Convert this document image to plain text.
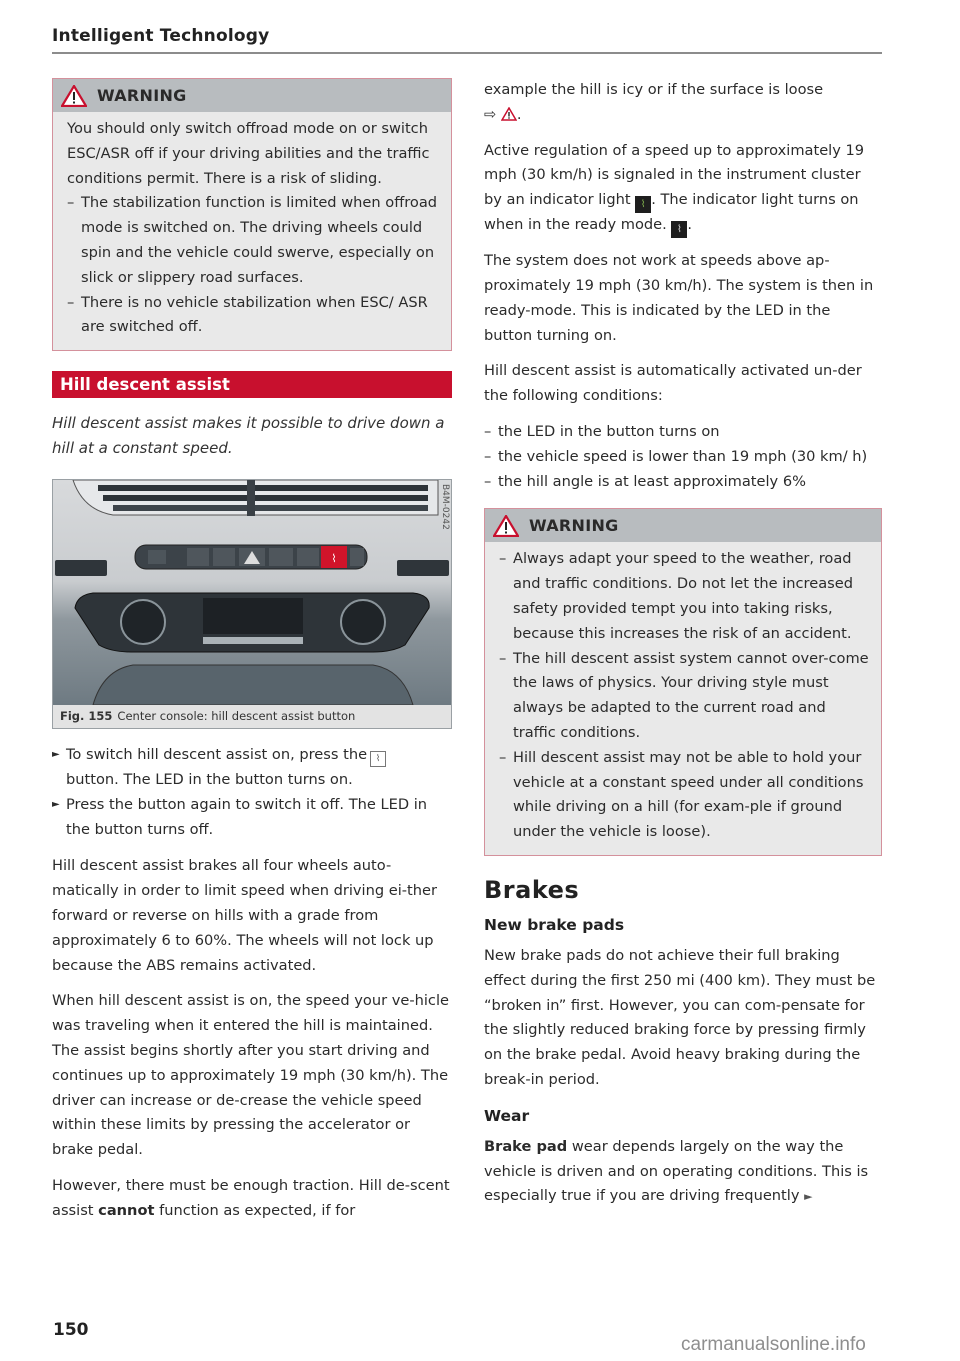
Intelligent Technology
WARNING

You should only switch offroad mode on or switch ESC/ASR off if your driving abilities and the traffic conditions permit. There is a risk of sliding.

– The stabilization function is limited when offroad mode is switched on. The driving wheels could spin and the vehicle could swerve, especially on slick or slippery road surfaces.
– There is no vehicle stabilization when ESC/ ASR are switched off.
Hill descent assist
Hill descent assist makes it possible to drive down a hill at a constant speed.
⌇
B4M-0242
Fig. 155 Center console: hill descent assist button
► To switch hill descent assist on, press the ⌇
button. The LED in the button turns on.
► Press the button again to switch it off. The LED in the button turns off.

Hill descent assist brakes all four wheels auto-matically in order to limit speed when driving ei-ther forward or reverse on hills with a grade from approximately 6 to 60%. The wheels will not lock up because the ABS remains activated.

When hill descent assist is on, the speed your ve-hicle was traveling when it entered the hill is maintained. The assist begins shortly after you start driving and continues up to approximately 19 mph (30 km/h). The driver can increase or de-crease the vehicle speed within these limits by pressing the accelerator or brake pedal.

However, there must be enough traction. Hill de-scent assist cannot function as expected, if for

example the hill is icy or if the surface is loose
⇨ .

Active regulation of a speed up to approximately 19 mph (30 km/h) is signaled in the instrument cluster by an indicator light ⌇ . The indicator light turns on when in the ready mode. ⌇ .

The system does not work at speeds above ap-proximately 19 mph (30 km/h). The system is then in ready-mode. This is indicated by the LED in the button turning on.

Hill descent assist is automatically activated un-der the following conditions:

– the LED in the button turns on
– the vehicle speed is lower than 19 mph (30 km/ h)
– the hill angle is at least approximately 6%
WARNING
– Always adapt your speed to the weather, road and traffic conditions. Do not let the increased safety provided tempt you into taking risks, because this increases the risk of an accident.
– The hill descent assist system cannot over-come the laws of physics. Your driving style must always be adapted to the current road and traffic conditions.
– Hill descent assist may not be able to hold your vehicle at a constant speed under all conditions while driving on a hill (for exam-ple if ground under the vehicle is loose).
Brakes
New brake pads

New brake pads do not achieve their full braking effect during the first 250 mi (400 km). They must be “broken in” first. However, you can com-pensate for the slightly reduced braking force by pressing firmly on the brake pedal. Avoid heavy braking during the break-in period.

Wear

Brake pad wear depends largely on the way the vehicle is driven and on operating conditions. This is especially true if you are driving frequently ►

150
carmanualsonline.info
